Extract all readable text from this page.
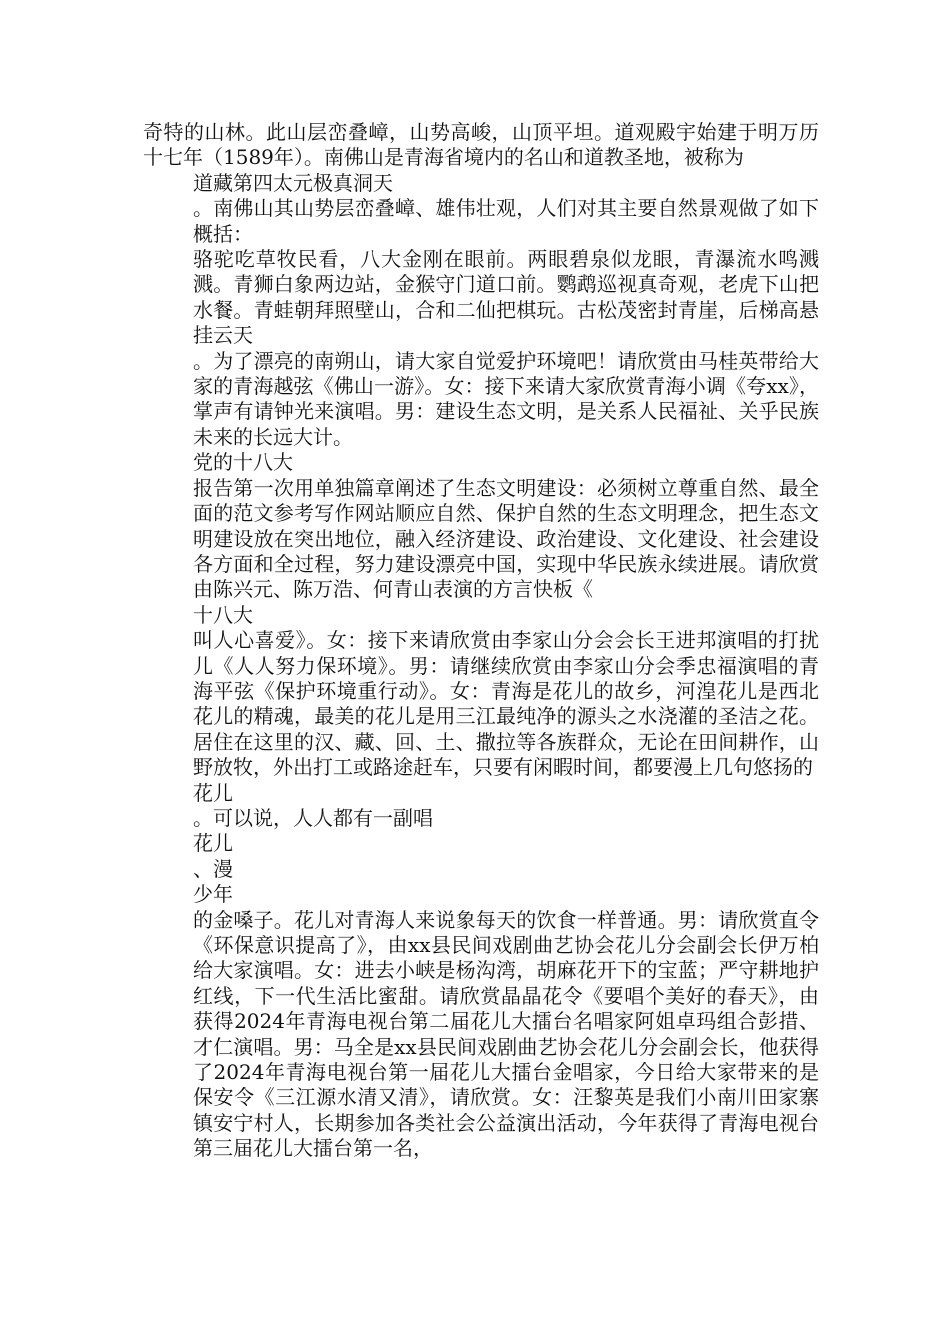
奇特的山林。此山层峦叠嶂，山势高峻，山顶平坦。道观殿宇始建于明万历十七年（1589年）。南佛山是青海省境内的名山和道教圣地，被称为

道藏第四太元极真洞天

。南佛山其山势层峦叠嶂、雄伟壮观，人们对其主要自然景观做了如下概括：

骆驼吃草牧民看，八大金刚在眼前。两眼碧泉似龙眼，青瀑流水鸣溅溅。青狮白象两边站，金猴守门道口前。鹦鹉巡视真奇观，老虎下山把水餐。青蛙朝拜照壁山，合和二仙把棋玩。古松茂密封青崖，后梯高悬挂云天

。为了漂亮的南朔山，请大家自觉爱护环境吧！请欣赏由马桂英带给大家的青海越弦《佛山一游》。女：接下来请大家欣赏青海小调《夸xx》，掌声有请钟光来演唱。男：建设生态文明，是关系人民福祉、关乎民族未来的长远大计。

党的十八大

报告第一次用单独篇章阐述了生态文明建设：必须树立尊重自然、最全面的范文参考写作网站顺应自然、保护自然的生态文明理念，把生态文明建设放在突出地位，融入经济建设、政治建设、文化建设、社会建设各方面和全过程，努力建设漂亮中国，实现中华民族永续进展。请欣赏由陈兴元、陈万浩、何青山表演的方言快板《

十八大

叫人心喜爱》。女：接下来请欣赏由李家山分会会长王进邦演唱的打扰儿《人人努力保环境》。男：请继续欣赏由李家山分会季忠福演唱的青海平弦《保护环境重行动》。女：青海是花儿的故乡，河湟花儿是西北花儿的精魂，最美的花儿是用三江最纯净的源头之水浇灌的圣洁之花。居住在这里的汉、藏、回、土、撒拉等各族群众，无论在田间耕作，山野放牧，外出打工或路途赶车，只要有闲暇时间，都要漫上几句悠扬的

花儿

。可以说，人人都有一副唱

花儿

、漫

少年

的金嗓子。花儿对青海人来说象每天的饮食一样普通。男：请欣赏直令《环保意识提高了》，由xx县民间戏剧曲艺协会花儿分会副会长伊万柏给大家演唱。女：进去小峡是杨沟湾，胡麻花开下的宝蓝；严守耕地护红线，下一代生活比蜜甜。请欣赏晶晶花令《要唱个美好的春天》，由获得2024年青海电视台第二届花儿大擂台名唱家阿姐卓玛组合彭措、才仁演唱。男：马全是xx县民间戏剧曲艺协会花儿分会副会长，他获得了2024年青海电视台第一届花儿大擂台金唱家，今日给大家带来的是保安令《三江源水清又清》，请欣赏。女：汪黎英是我们小南川田家寨镇安宁村人，长期参加各类社会公益演出活动，今年获得了青海电视台第三届花儿大擂台第一名，
